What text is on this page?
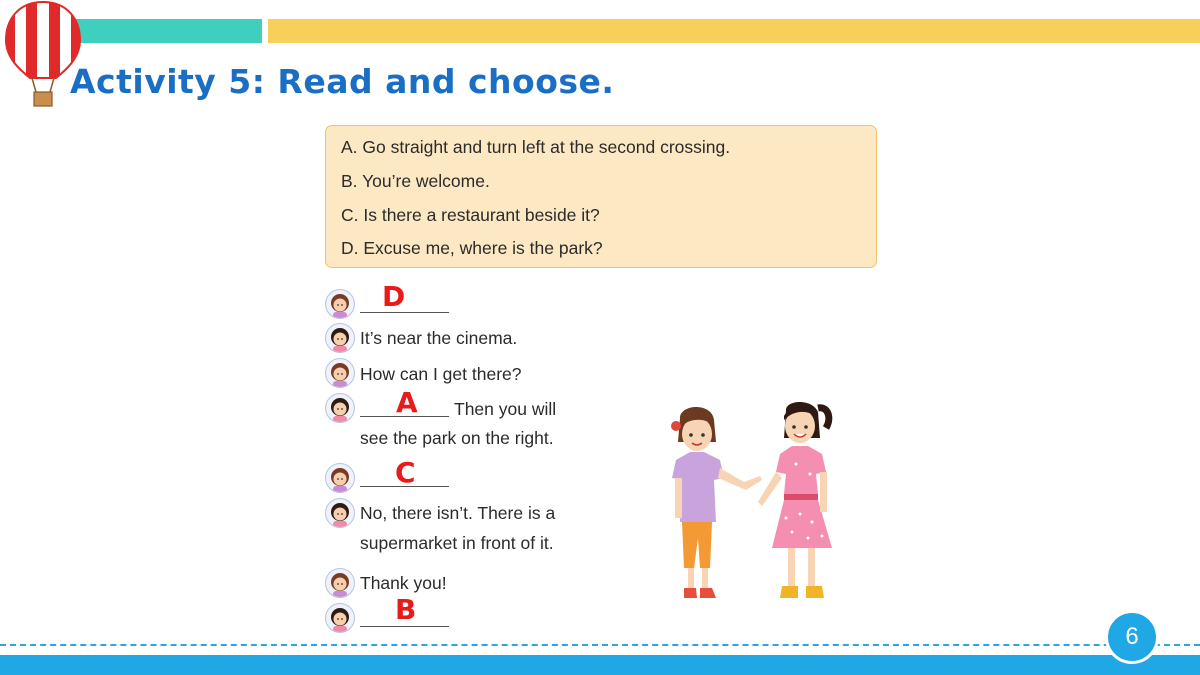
Activity 5: Read and choose.
A. Go straight and turn left at the second crossing.
B. You’re welcome.
C. Is there a restaurant beside it?
D. Excuse me, where is the park?
D
It’s near the cinema.
How can I get there?
A Then you will
see the park on the right.
C
No, there isn’t. There is a
supermarket in front of it.
Thank you!
B
6
